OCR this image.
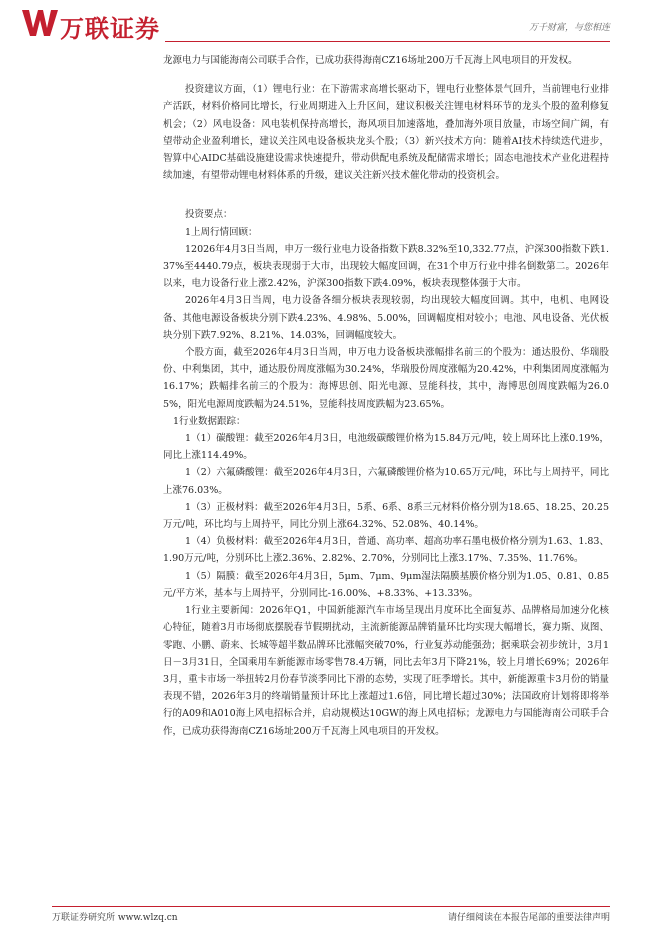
万联证券	万千财富，与您相连

龙源电力与国能海南公司联手合作，已成功获得海南CZ16场址200万千瓦海上风电项目的开发权。

投资建议方面，（1）锂电行业：在下游需求高增长驱动下，锂电行业整体景气回升，当前锂电行业排产活跃，材料价格同比增长，行业周期进入上升区间，建议积极关注锂电材料环节的龙头个股的盈利修复机会；（2）风电设备：风电装机保持高增长，海风项目加速落地，叠加海外项目放量，市场空间广阔，有望带动企业盈利增长，建议关注风电设备板块龙头个股；（3）新兴技术方向：随着AI技术持续迭代进步，智算中心AIDC基础设施建设需求快速提升，带动供配电系统及配储需求增长；固态电池技术产业化进程持续加速，有望带动锂电材料体系的升级，建议关注新兴技术催化带动的投资机会。

投资要点：

1上周行情回顾：

12026年4月3日当周，申万一级行业电力设备指数下跌8.32%至10,332.77点，沪深300指数下跌1.37%至4440.79点，板块表现弱于大市，出现较大幅度回调，在31个申万行业中排名倒数第二。2026年以来，电力设备行业上涨2.42%，沪深300指数下跌4.09%，板块表现整体强于大市。

2026年4月3日当周，电力设备各细分板块表现较弱，均出现较大幅度回调。其中，电机、电网设备、其他电源设备板块分别下跌4.23%、4.98%、5.00%，回调幅度相对较小；电池、风电设备、光伏板块分别下跌7.92%、8.21%、14.03%，回调幅度较大。

个股方面，截至2026年4月3日当周，申万电力设备板块涨幅排名前三的个股为：通达股份、华瑞股份、中利集团，其中，通达股份周度涨幅为30.24%，华瑞股份周度涨幅为20.42%，中利集团周度涨幅为16.17%；跌幅排名前三的个股为：海博思创、阳光电源、昱能科技，其中，海博思创周度跌幅为26.05%，阳光电源周度跌幅为24.51%，昱能科技周度跌幅为23.65%。

1行业数据跟踪：

1（1）碳酸锂：截至2026年4月3日，电池级碳酸锂价格为15.84万元/吨，较上周环比上涨0.19%，同比上涨114.49%。

1（2）六氟磷酸锂：截至2026年4月3日，六氟磷酸锂价格为10.65万元/吨，环比与上周持平，同比上涨76.03%。

1（3）正极材料：截至2026年4月3日，5系、6系、8系三元材料价格分别为18.65、18.25、20.25万元/吨，环比均与上周持平，同比分别上涨64.32%、52.08%、40.14%。

1（4）负极材料：截至2026年4月3日，普通、高功率、超高功率石墨电极价格分别为1.63、1.83、1.90万元/吨，分别环比上涨2.36%、2.82%、2.70%，分别同比上涨3.17%、7.35%、11.76%。

1（5）隔膜：截至2026年4月3日，5μm、7μm、9μm湿法隔膜基膜价格分别为1.05、0.81、0.85元/平方米，基本与上周持平，分别同比-16.00%、+8.33%、+13.33%。

1行业主要新闻：2026年Q1，中国新能源汽车市场呈现出月度环比全面复苏、品牌格局加速分化核心特征，随着3月市场彻底摆脱春节假期扰动，主流新能源品牌销量环比均实现大幅增长，赛力斯、岚图、零跑、小鹏、蔚来、长城等超半数品牌环比涨幅突破70%，行业复苏动能强劲；据乘联会初步统计，3月1日－3月31日，全国乘用车新能源市场零售78.4万辆，同比去年3月下降21%，较上月增长69%；2026年3月，重卡市场一举扭转2月份春节淡季同比下滑的态势，实现了旺季增长。其中，新能源重卡3月份的销量表现不错，2026年3月的终端销量预计环比上涨超过1.6倍，同比增长超过30%；法国政府计划将即将举行的A09和A010海上风电招标合并，启动规模达10GW的海上风电招标；龙源电力与国能海南公司联手合作，已成功获得海南CZ16场址200万千瓦海上风电项目的开发权。

万联证券研究所 www.wlzq.cn	请仔细阅读在本报告尾部的重要法律声明
